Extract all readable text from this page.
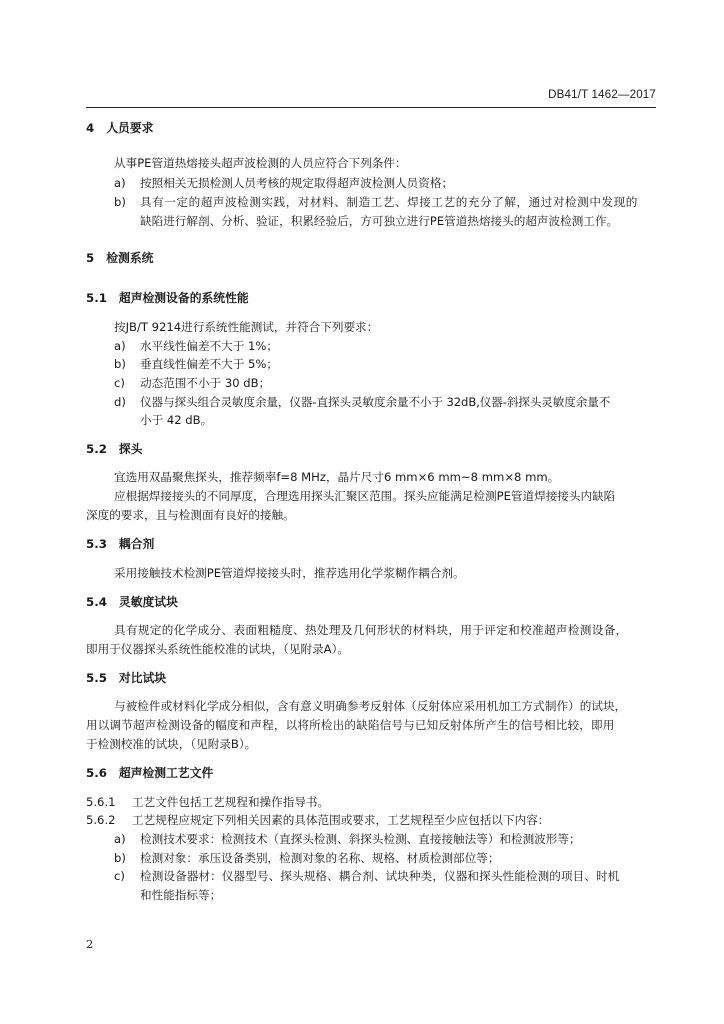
DB41/T 1462—2017
4 人员要求
从事PE管道热熔接头超声波检测的人员应符合下列条件：
a) 按照相关无损检测人员考核的规定取得超声波检测人员资格；
b) 具有一定的超声波检测实践，对材料、制造工艺、焊接工艺的充分了解，通过对检测中发现的
缺陷进行解剖、分析、验证，积累经验后，方可独立进行PE管道热熔接头的超声波检测工作。
5 检测系统
5.1 超声检测设备的系统性能
按JB/T 9214进行系统性能测试，并符合下列要求：
a) 水平线性偏差不大于 1%；
b) 垂直线性偏差不大于 5%；
c) 动态范围不小于 30 dB；
d) 仪器与探头组合灵敏度余量，仪器-直探头灵敏度余量不小于 32dB,仪器-斜探头灵敏度余量不
小于 42 dB。
5.2 探头
宜选用双晶聚焦探头，推荐频率f=8 MHz，晶片尺寸6 mm×6 mm~8 mm×8 mm。
应根据焊接接头的不同厚度，合理选用探头汇聚区范围。探头应能满足检测PE管道焊接接头内缺陷
深度的要求，且与检测面有良好的接触。
5.3 耦合剂
采用接触技术检测PE管道焊接接头时，推荐选用化学浆糊作耦合剂。
5.4 灵敏度试块
具有规定的化学成分、表面粗糙度、热处理及几何形状的材料块，用于评定和校准超声检测设备，
即用于仪器探头系统性能校准的试块，（见附录A）。
5.5 对比试块
与被检件或材料化学成分相似，含有意义明确参考反射体（反射体应采用机加工方式制作）的试块，
用以调节超声检测设备的幅度和声程，以将所检出的缺陷信号与已知反射体所产生的信号相比较，即用
于检测校准的试块，（见附录B）。
5.6 超声检测工艺文件
5.6.1 工艺文件包括工艺规程和操作指导书。
5.6.2 工艺规程应规定下列相关因素的具体范围或要求，工艺规程至少应包括以下内容：
a) 检测技术要求：检测技术（直探头检测、斜探头检测、直接接触法等）和检测波形等；
b) 检测对象：承压设备类别，检测对象的名称、规格、材质检测部位等；
c) 检测设备器材：仪器型号、探头规格、耦合剂、试块种类，仪器和探头性能检测的项目、时机
和性能指标等；
2
